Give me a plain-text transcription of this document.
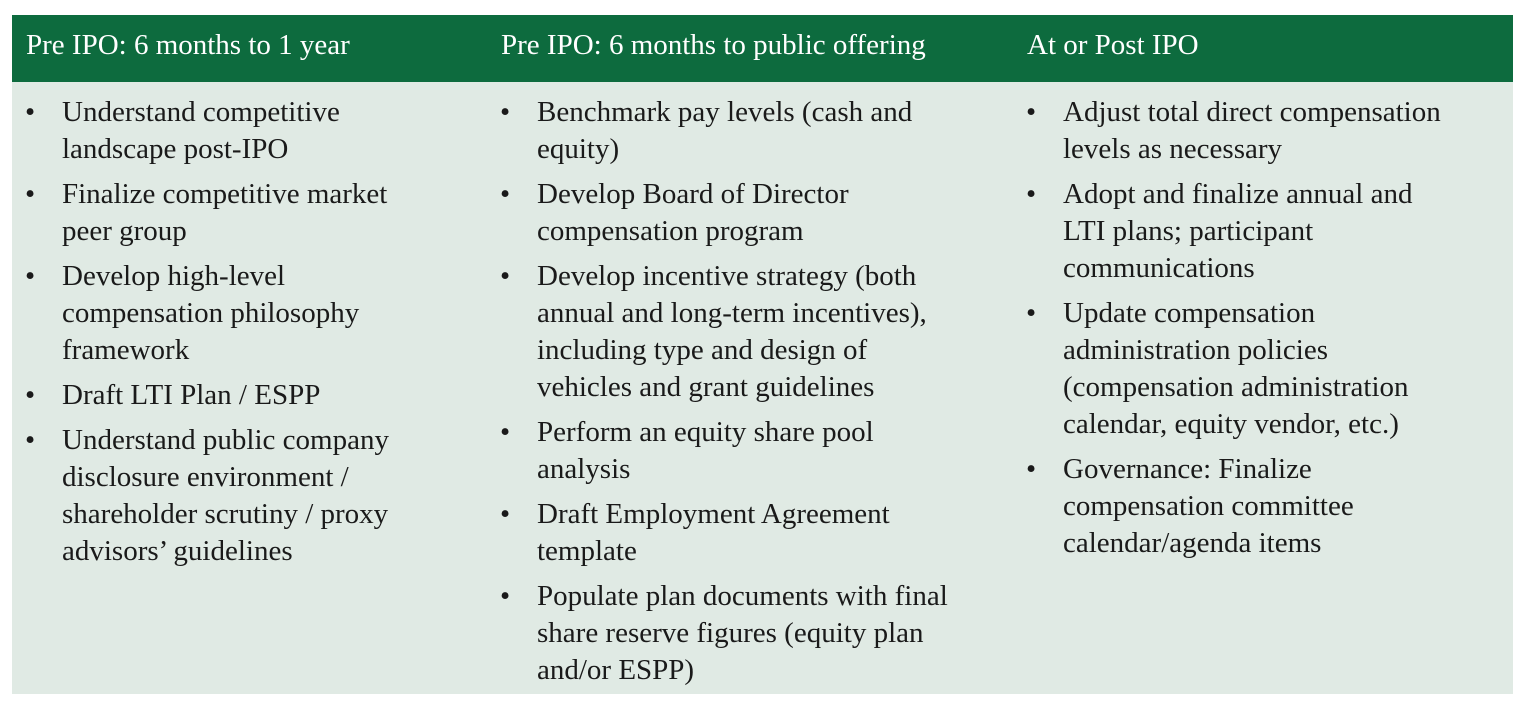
Pre IPO: 6 months to 1 year	Pre IPO: 6 months to public offering	At or Post IPO
• Understand competitive
landscape post-IPO
• Finalize competitive market
peer group
• Develop high-level
compensation philosophy
framework
• Draft LTI Plan / ESPP
• Understand public company
disclosure environment /
shareholder scrutiny / proxy
advisors’ guidelines
• Benchmark pay levels (cash and
equity)
• Develop Board of Director
compensation program
• Develop incentive strategy (both
annual and long-term incentives),
including type and design of
vehicles and grant guidelines
• Perform an equity share pool
analysis
• Draft Employment Agreement
template
• Populate plan documents with final
share reserve figures (equity plan
and/or ESPP)
• Adjust total direct compensation
levels as necessary
• Adopt and finalize annual and
LTI plans; participant
communications
• Update compensation
administration policies
(compensation administration
calendar, equity vendor, etc.)
• Governance: Finalize
compensation committee
calendar/agenda items
